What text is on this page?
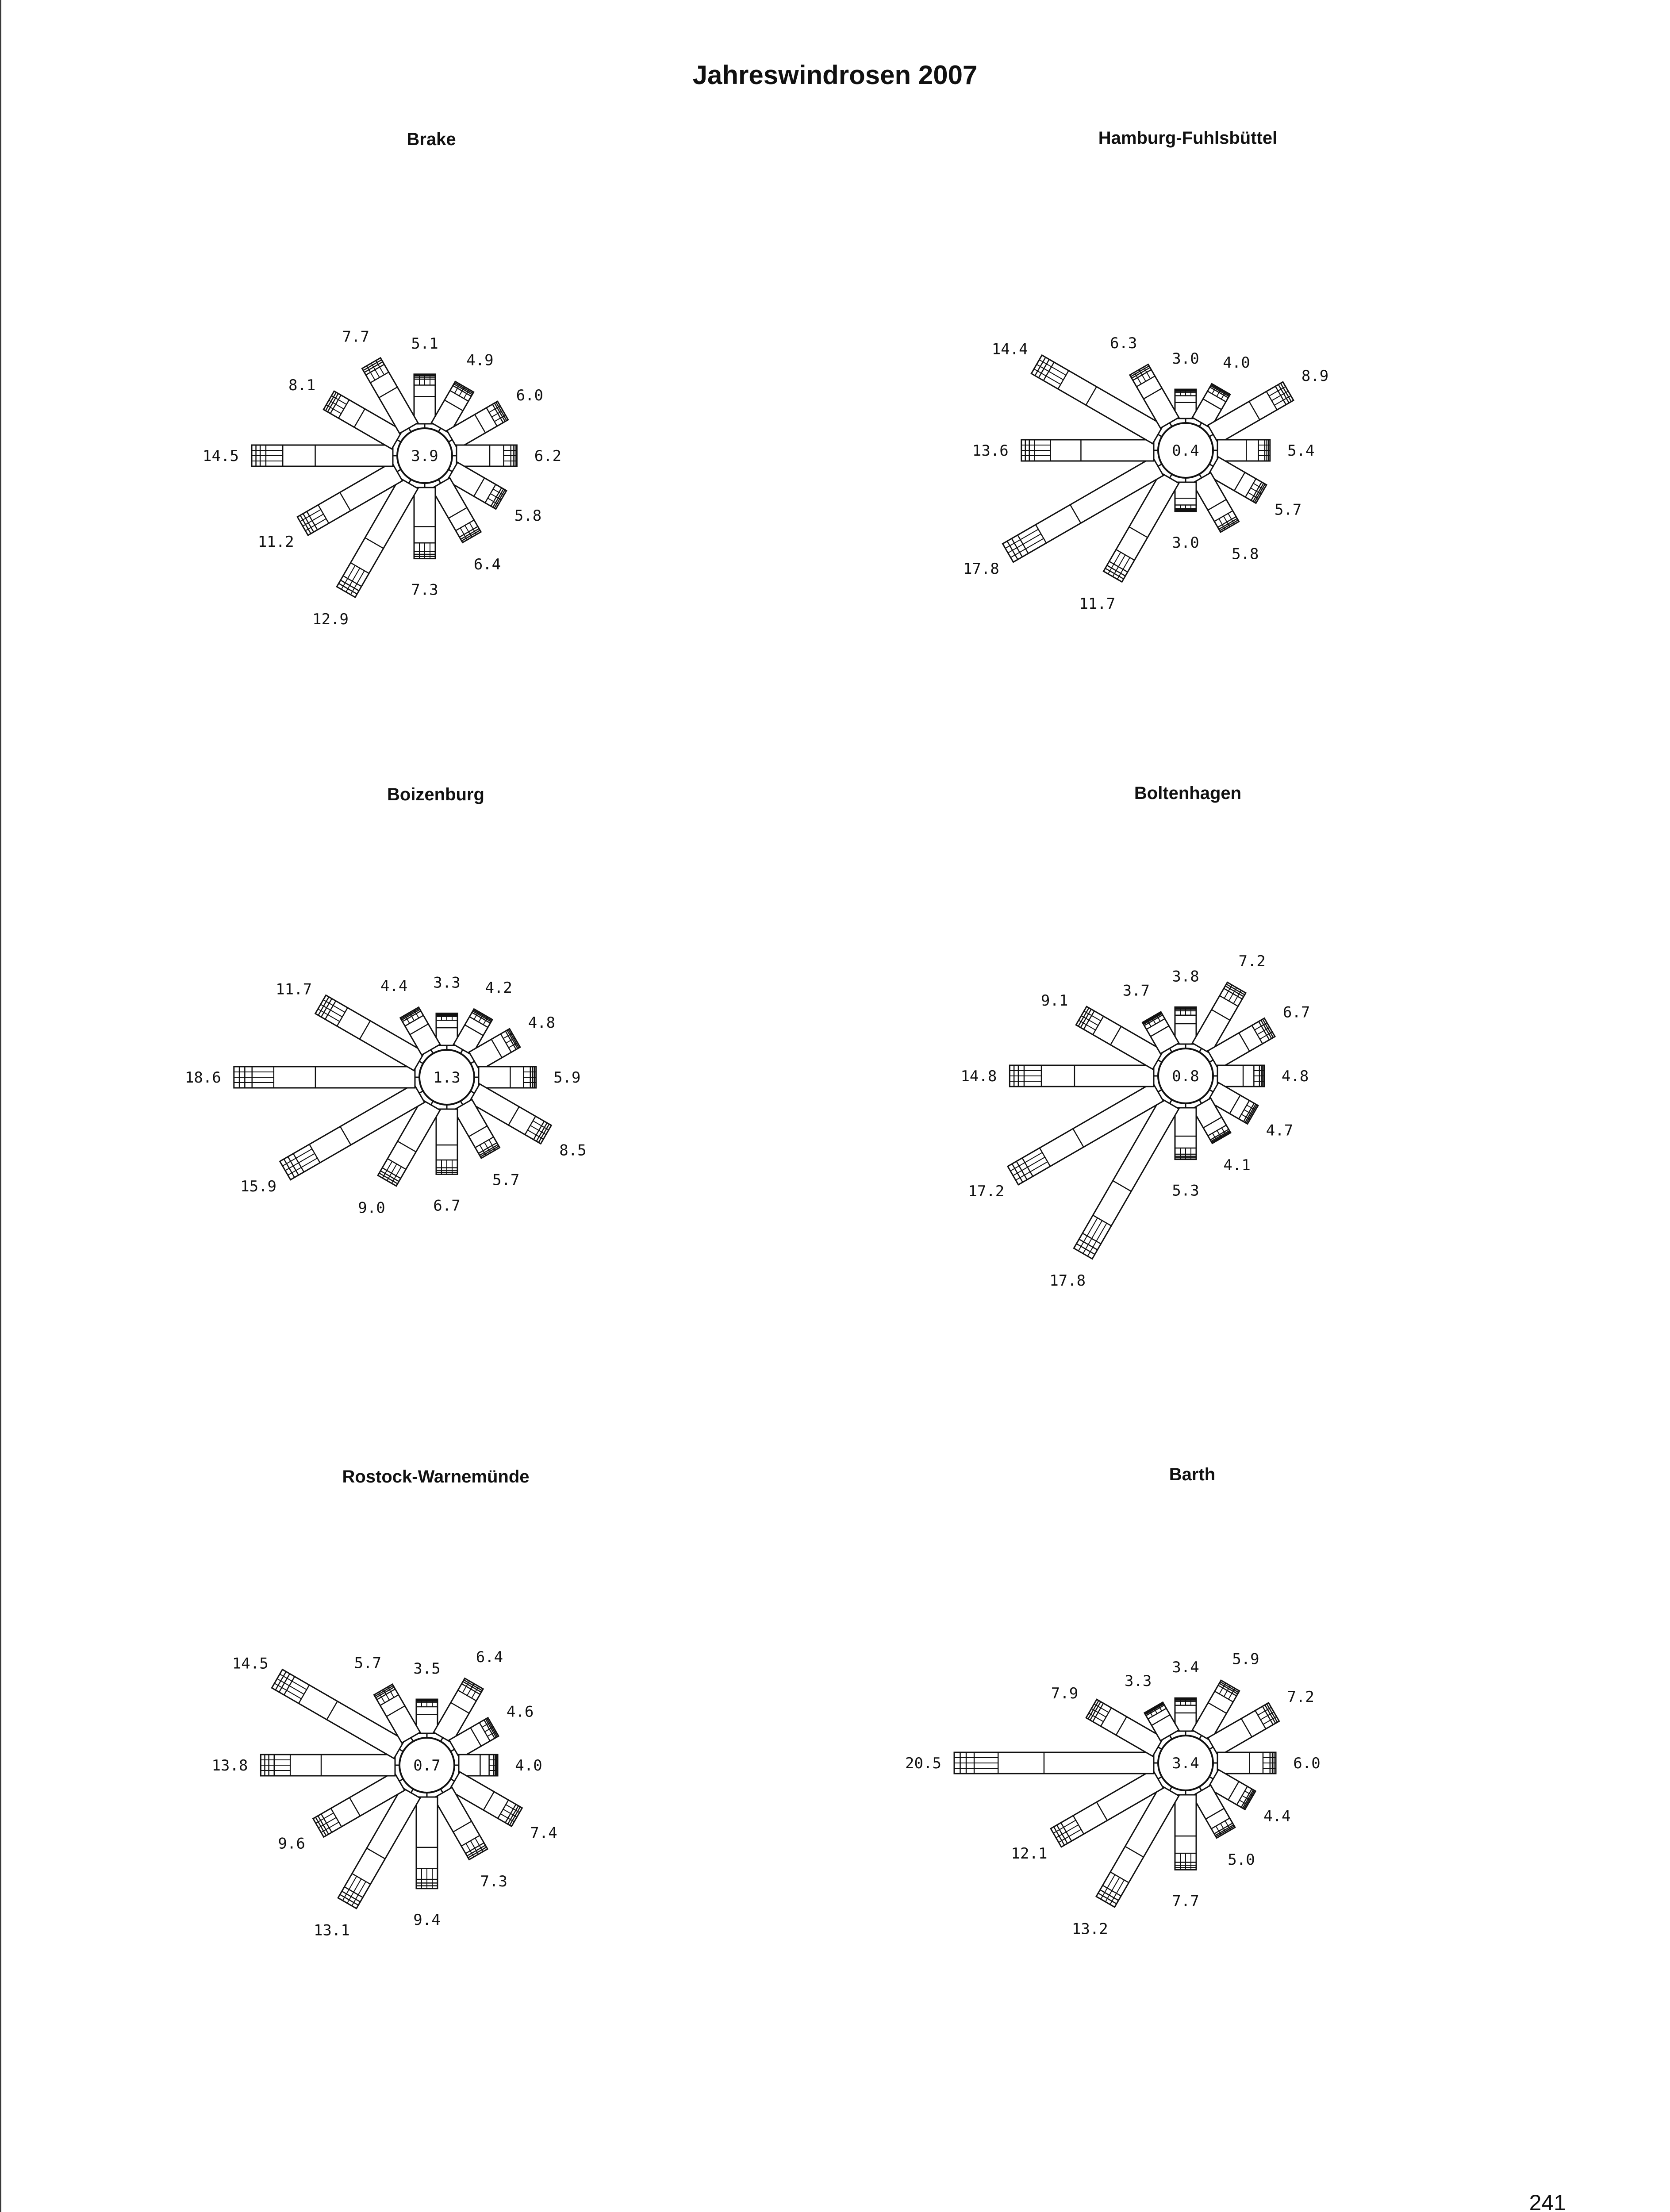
Jahreswindrosen 2007
Brake	Hamburg-Fuhlsbüttel
Boizenburg	Boltenhagen
Rostock-Warnemünde	Barth
3.9
5.1
4.9
6.0
6.2
5.8
6.4
7.3
12.9
11.2
14.5
8.1
7.7
0.4
3.0 4.0
8.9
5.4
5.7
5.8
3.0
11.7
17.8
13.6
14.4	6.3
1.3
3.3 4.2
4.8
5.9
8.5
5.7
6.7
9.0
15.9
18.6
11.7	4.4
0.8
3.8
7.2
6.7
4.8
4.7
4.1
5.3
17.8
17.2
14.8
9.1
3.7
0.7
3.5
6.4
4.6
4.0
7.4
7.3
9.4
13.1
9.6
13.8
14.5	5.7
3.4
3.4 5.9
7.2
6.0
4.4
5.0
7.7
13.2
12.1
20.5
7.9
3.3
241
